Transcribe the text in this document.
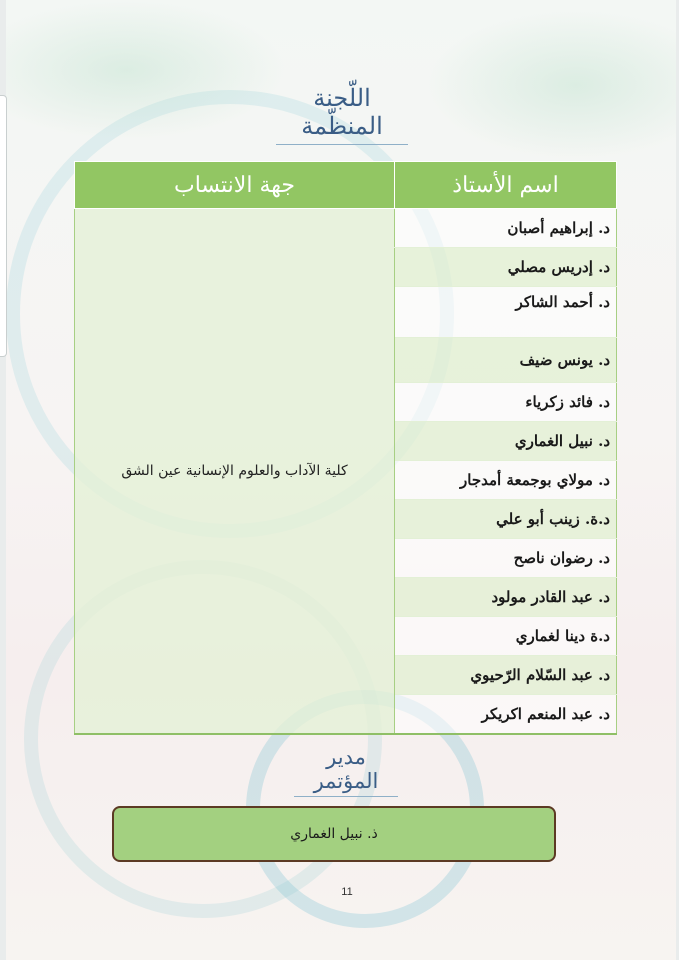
اللّجنة المنظّمة
اسم الأستاذ	جهة الانتساب
د. إبراهيم أصبان	كلية الآداب والعلوم الإنسانية عين الشق
د. إدريس مصلي	
د. أحمد الشاكر	
د. يونس ضيف	
د. فائد زكرياء	
د. نبيل الغماري	
د. مولاي بوجمعة أمدجار	
د.ة. زينب أبو علي	
د. رضوان ناصح	
د. عبد القادر مولود	
د.ة دينا لغماري	
د. عبد السّلام الرّحيوي	
د. عبد المنعم اكريكر	
مدير المؤتمر
ذ. نبيل الغماري
11
